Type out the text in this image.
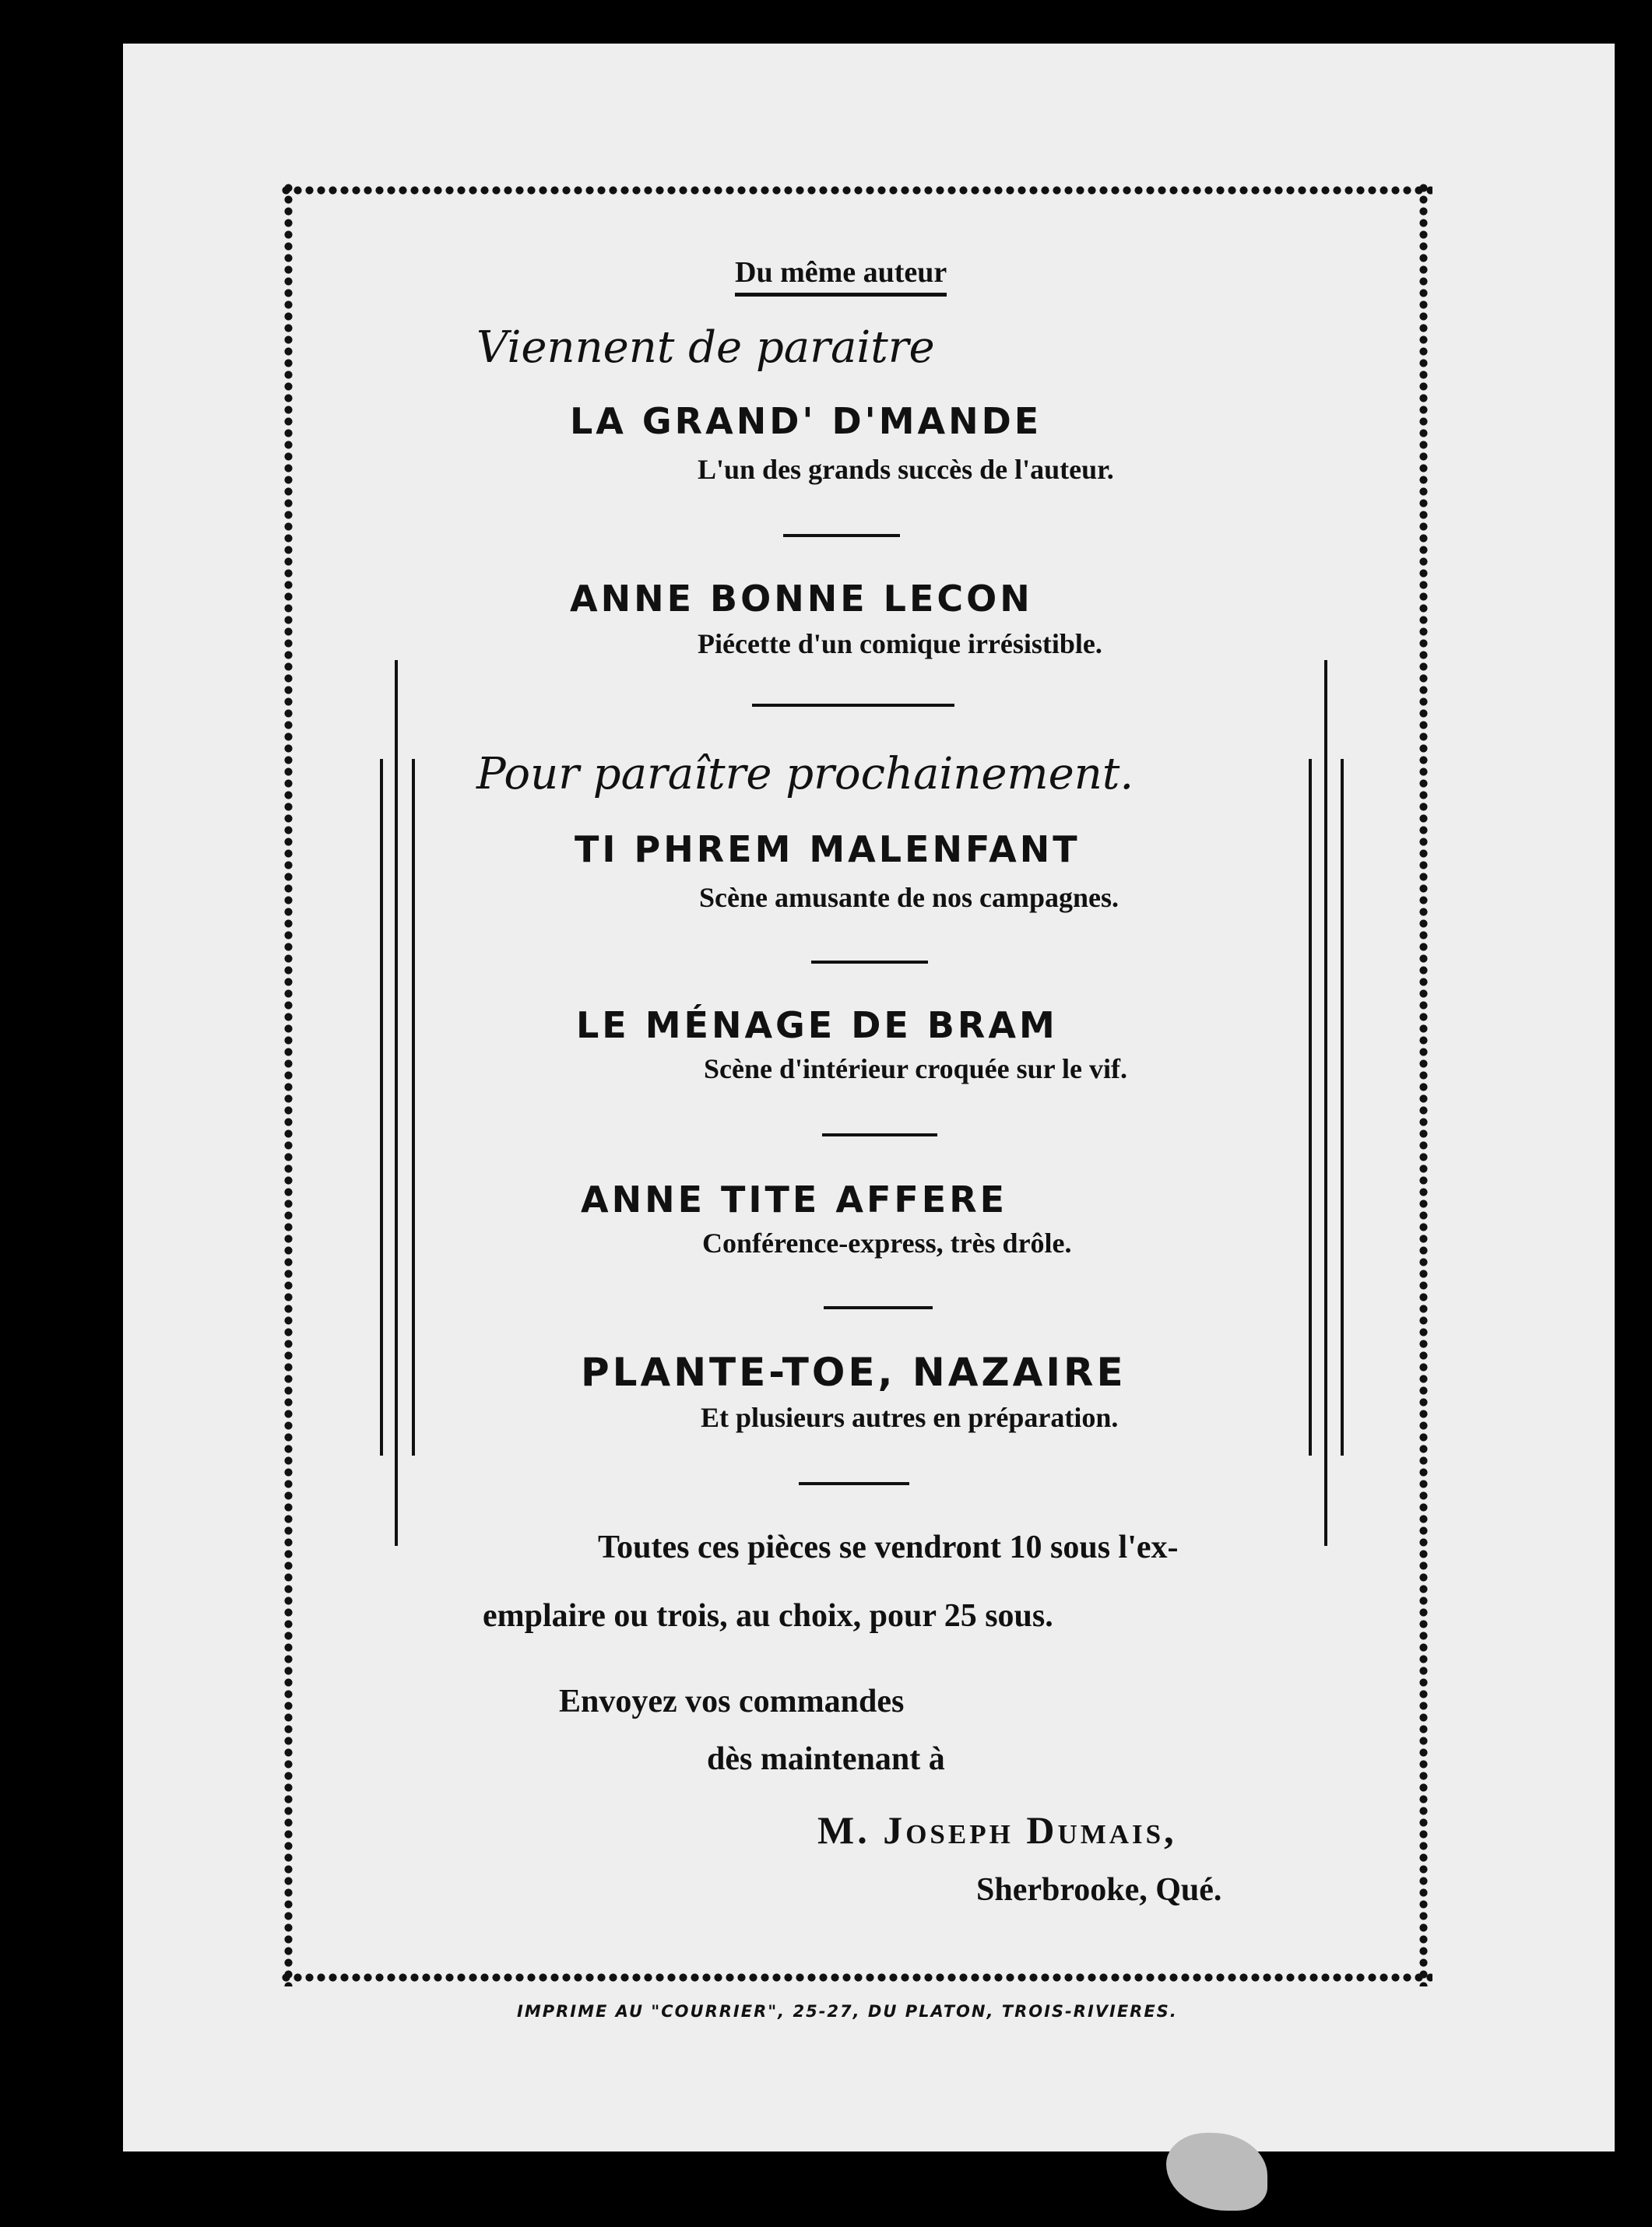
Du même auteur
Viennent de paraitre
LA GRAND' D'MANDE
L'un des grands succès de l'auteur.
ANNE BONNE LECON
Piécette d'un comique irrésistible.
Pour paraître prochainement.
TI PHREM MALENFANT
Scène amusante de nos campagnes.
LE MÉNAGE DE BRAM
Scène d'intérieur croquée sur le vif.
ANNE TITE AFFERE
Conférence-express, très drôle.
PLANTE-TOE, NAZAIRE
Et plusieurs autres en préparation.
Toutes ces pièces se vendront 10 sous l'ex-
emplaire ou trois, au choix, pour 25 sous.
Envoyez vos commandes
dès maintenant à
M. Joseph Dumais,
Sherbrooke, Qué.
IMPRIME AU "COURRIER", 25-27, DU PLATON, TROIS-RIVIERES.
